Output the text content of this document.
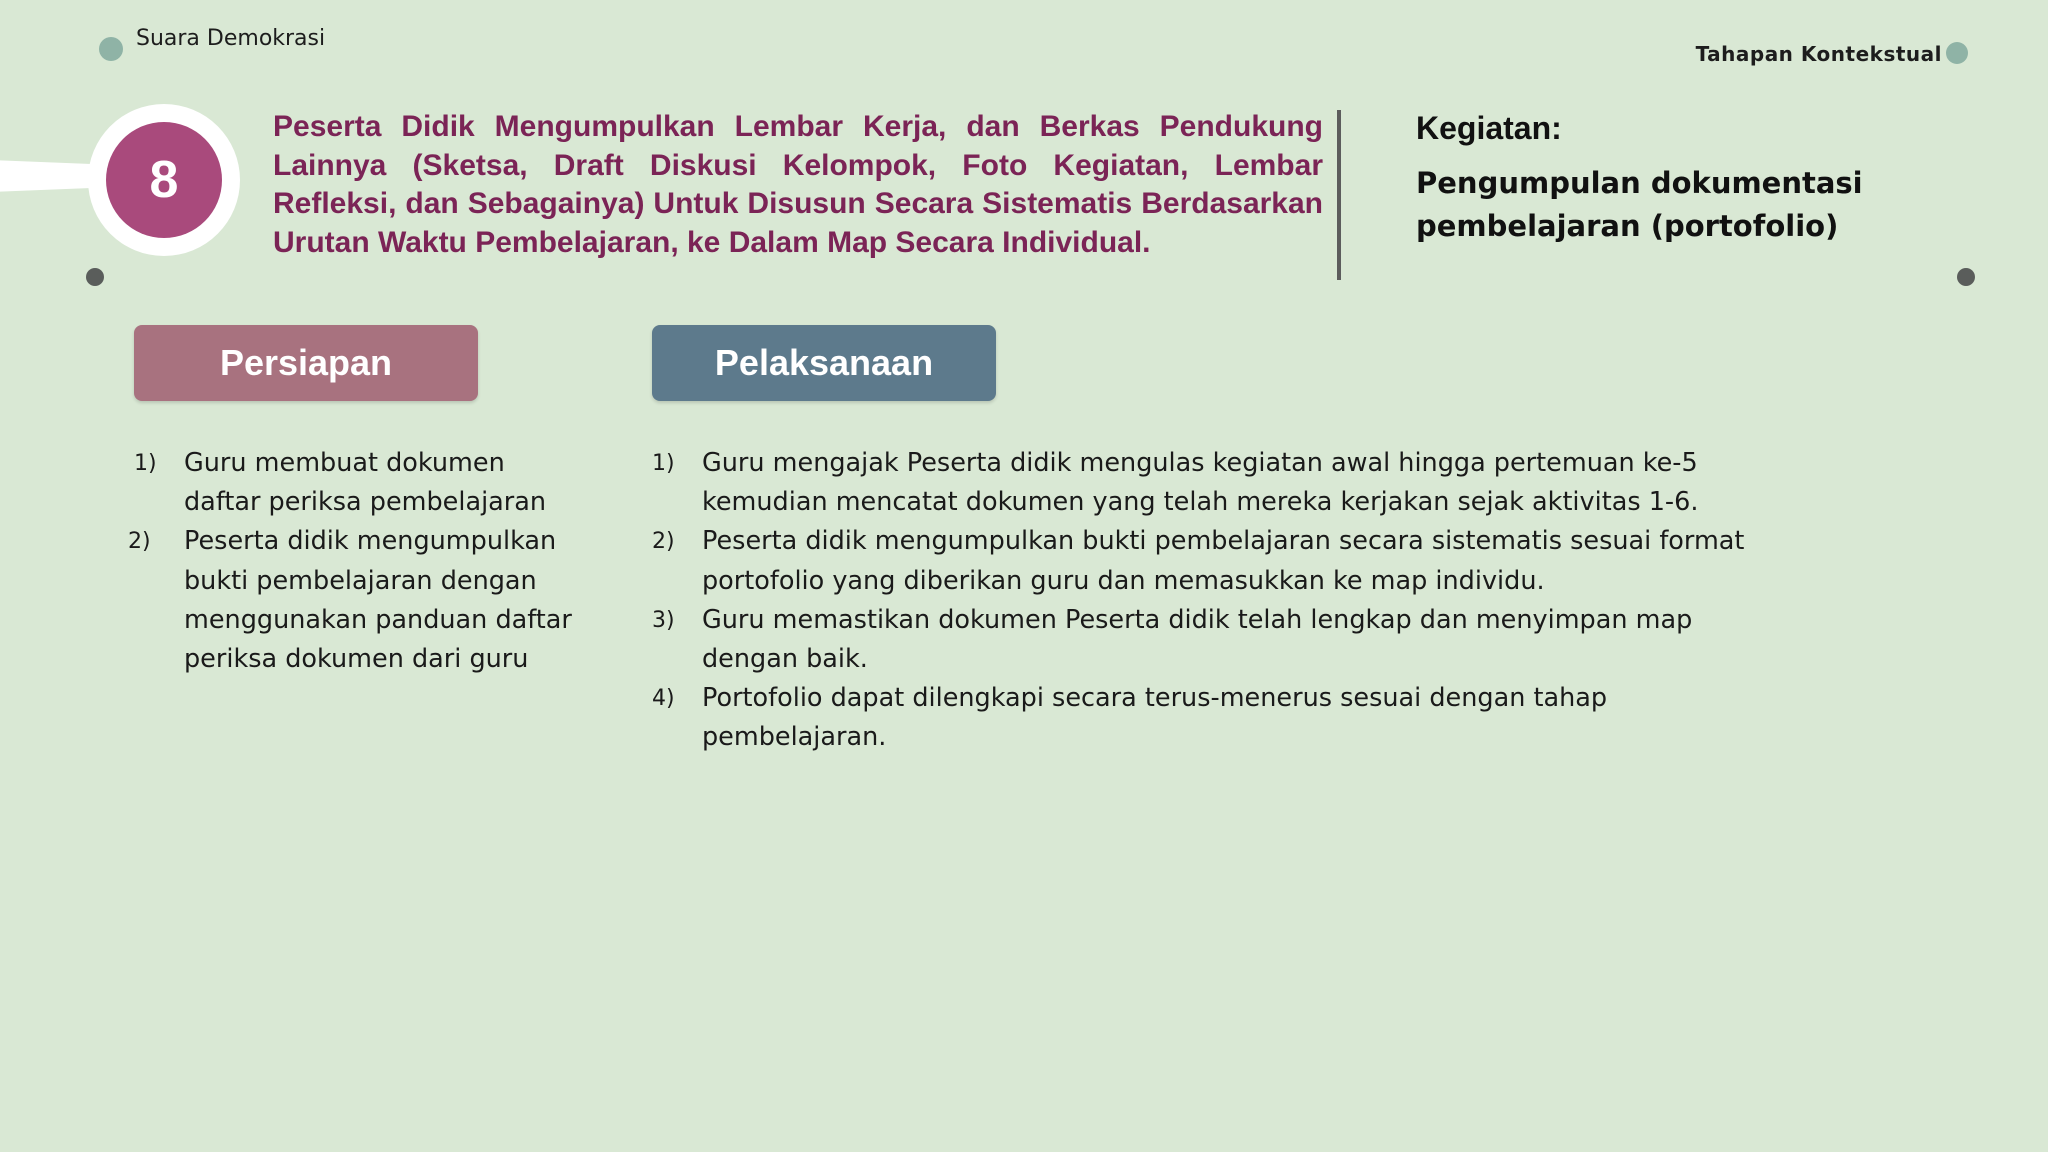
Suara Demokrasi
Tahapan Kontekstual
8
Peserta Didik Mengumpulkan Lembar Kerja, dan Berkas Pendukung Lainnya (Sketsa, Draft Diskusi Kelompok, Foto Kegiatan, Lembar Refleksi, dan Sebagainya) Untuk Disusun Secara Sistematis Berdasarkan Urutan Waktu Pembelajaran, ke Dalam Map Secara Individual.
Kegiatan:
Pengumpulan dokumentasi pembelajaran (portofolio)
Persiapan	Pelaksanaan
1) Guru membuat dokumen daftar periksa pembelajaran
2) Peserta didik mengumpulkan bukti pembelajaran dengan menggunakan panduan daftar periksa dokumen dari guru
1) Guru mengajak Peserta didik mengulas kegiatan awal hingga pertemuan ke-5 kemudian mencatat dokumen yang telah mereka kerjakan sejak aktivitas 1-6.
2) Peserta didik mengumpulkan bukti pembelajaran secara sistematis sesuai format portofolio yang diberikan guru dan memasukkan ke map individu.
3) Guru memastikan dokumen Peserta didik telah lengkap dan menyimpan map dengan baik.
4) Portofolio dapat dilengkapi secara terus-menerus sesuai dengan tahap pembelajaran.
